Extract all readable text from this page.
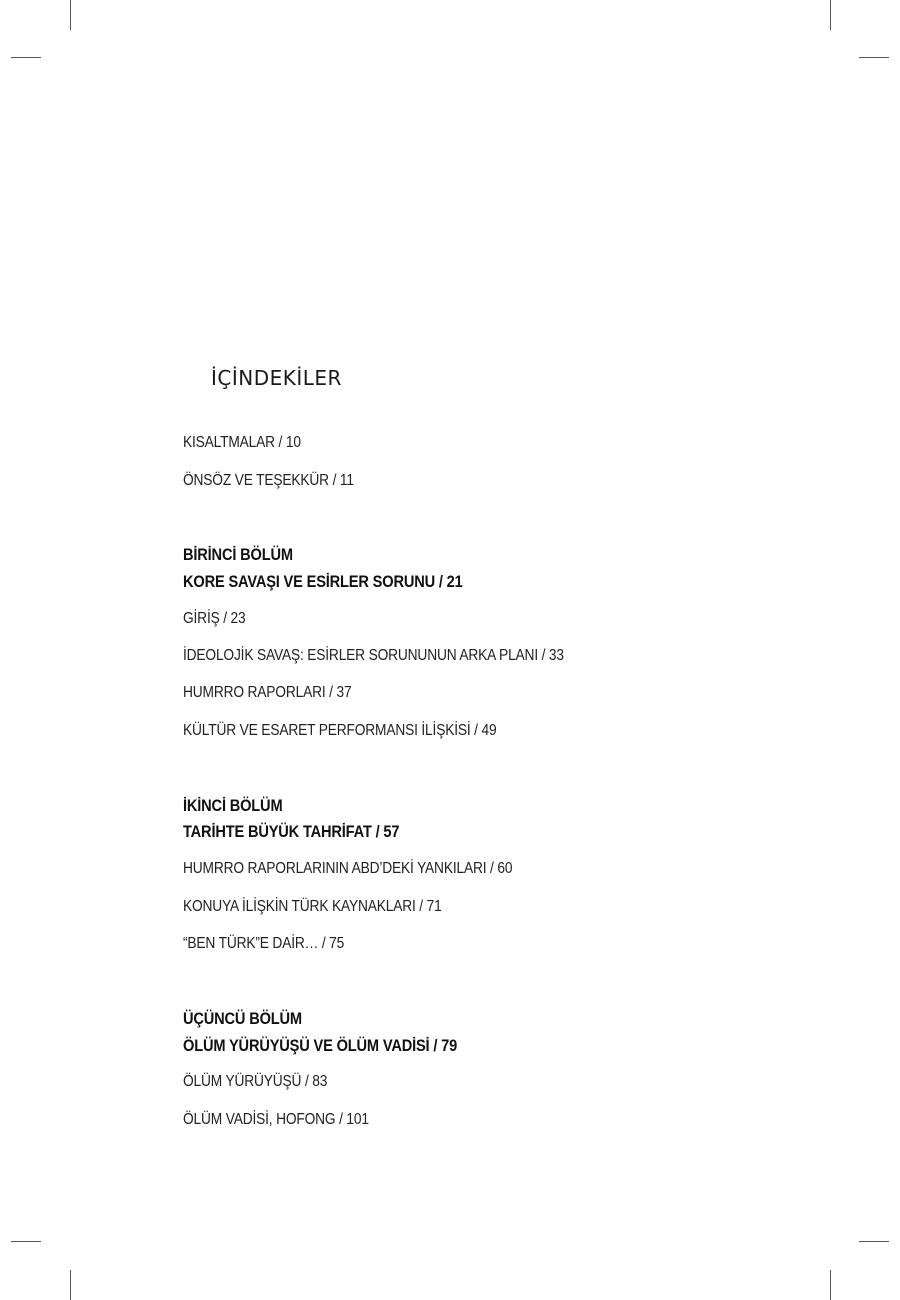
İÇİNDEKİLER

KISALTMALAR / 10

ÖNSÖZ VE TEŞEKKÜR / 11

BİRİNCİ BÖLÜM

KORE SAVAŞI VE ESİRLER SORUNU / 21

GİRİŞ / 23

İDEOLOJİK SAVAŞ: ESİRLER SORUNUNUN ARKA PLANI / 33

HUMRRO RAPORLARI / 37

KÜLTÜR VE ESARET PERFORMANSI İLİŞKİSİ / 49

İKİNCİ BÖLÜM

TARİHTE BÜYÜK TAHRİFAT / 57

HUMRRO RAPORLARININ ABD’DEKİ YANKILARI / 60

KONUYA İLİŞKİN TÜRK KAYNAKLARI / 71

“BEN TÜRK”E DAİR… / 75

ÜÇÜNCÜ BÖLÜM

ÖLÜM YÜRÜYÜŞÜ VE ÖLÜM VADİSİ / 79

ÖLÜM YÜRÜYÜŞÜ / 83

ÖLÜM VADİSİ, HOFONG / 101
